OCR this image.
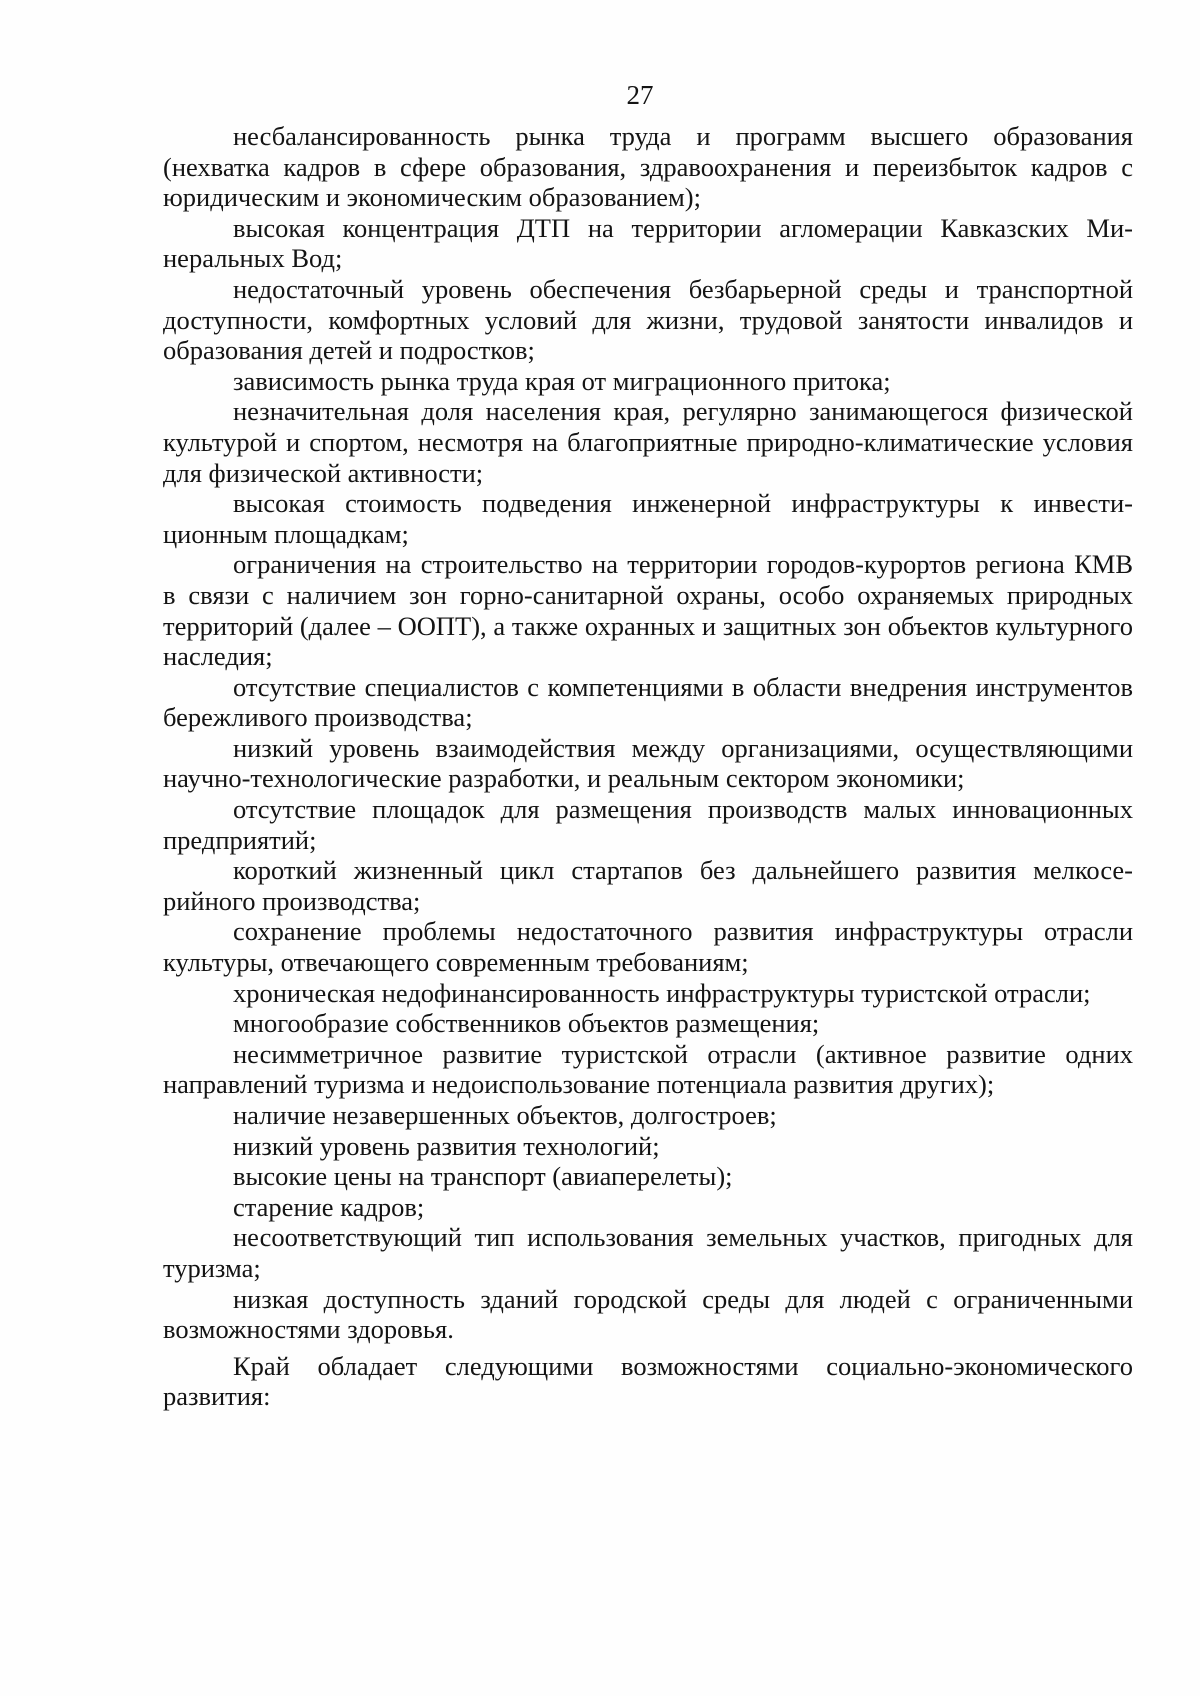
27

несбалансированность рынка труда и программ высшего образования (нехватка кадров в сфере образования, здравоохранения и переизбыток кадров с юридическим и экономическим образованием);

высокая концентрация ДТП на территории агломерации Кавказских Минеральных Вод;

недостаточный уровень обеспечения безбарьерной среды и транспортной доступности, комфортных условий для жизни, трудовой занятости инвалидов и образования детей и подростков;

зависимость рынка труда края от миграционного притока;

незначительная доля населения края, регулярно занимающегося физической культурой и спортом, несмотря на благоприятные природно-климатические условия для физической активности;

высокая стоимость подведения инженерной инфраструктуры к инвестиционным площадкам;

ограничения на строительство на территории городов-курортов региона КМВ в связи с наличием зон горно-санитарной охраны, особо охраняемых природных территорий (далее – ООПТ), а также охранных и защитных зон объектов культурного наследия;

отсутствие специалистов с компетенциями в области внедрения инструментов бережливого производства;

низкий уровень взаимодействия между организациями, осуществляющими научно-технологические разработки, и реальным сектором экономики;

отсутствие площадок для размещения производств малых инновационных предприятий;

короткий жизненный цикл стартапов без дальнейшего развития мелкосерийного производства;

сохранение проблемы недостаточного развития инфраструктуры отрасли культуры, отвечающего современным требованиям;

хроническая недофинансированность инфраструктуры туристской отрасли;

многообразие собственников объектов размещения;

несимметричное развитие туристской отрасли (активное развитие одних направлений туризма и недоиспользование потенциала развития других);

наличие незавершенных объектов, долгостроев;

низкий уровень развития технологий;

высокие цены на транспорт (авиаперелеты);

старение кадров;

несоответствующий тип использования земельных участков, пригодных для туризма;

низкая доступность зданий городской среды для людей с ограниченными возможностями здоровья.

Край обладает следующими возможностями социально-экономического развития:
